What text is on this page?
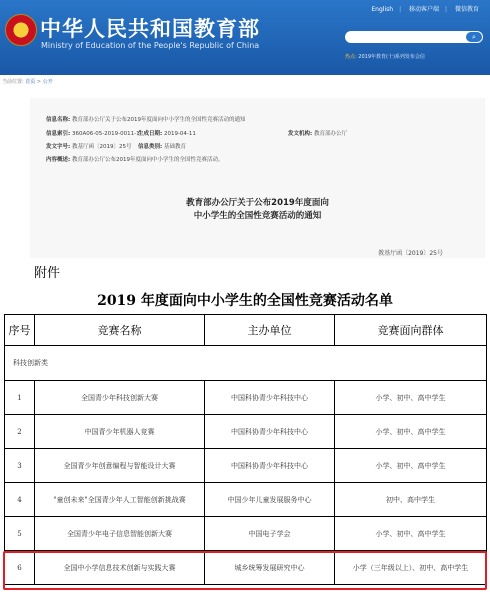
★ 中华人民共和国教育部
Ministry of Education of the People's Republic of China
English | 移动客户端 | 微信教育
⌕
热点: 2019年教育(十)系列发布会信
当前位置: 首页 > 公开
信息名称: 教育部办公厅关于公布2019年度面向中小学生的全国性竞赛活动的通知
信息索引: 360A06-05-2019-0011-1
生成日期: 2019-04-11	发文机构: 教育部办公厅
发文字号: 教基厅函〔2019〕25号 信息类别: 基础教育
内容概述: 教育部办公厅公布2019年度面向中小学生的全国性竞赛活动。
教育部办公厅关于公布2019年度面向
中小学生的全国性竞赛活动的通知
教基厅函〔2019〕25号
附件
2019 年度面向中小学生的全国性竞赛活动名单
序号	竞赛名称	主办单位	竞赛面向群体
科技创新类			
1	全国青少年科技创新大赛	中国科协青少年科技中心	小学、初中、高中学生
2	中国青少年机器人竞赛	中国科协青少年科技中心	小学、初中、高中学生
3	全国青少年创意编程与智能设计大赛	中国科协青少年科技中心	小学、初中、高中学生
4	"童创未来"全国青少年人工智能创新挑战赛	中国少年儿童发展服务中心	初中、高中学生
5	全国青少年电子信息智能创新大赛	中国电子学会	小学、初中、高中学生
6	全国中小学信息技术创新与实践大赛	城乡统筹发展研究中心	小学（三年级以上）、初中、高中学生
